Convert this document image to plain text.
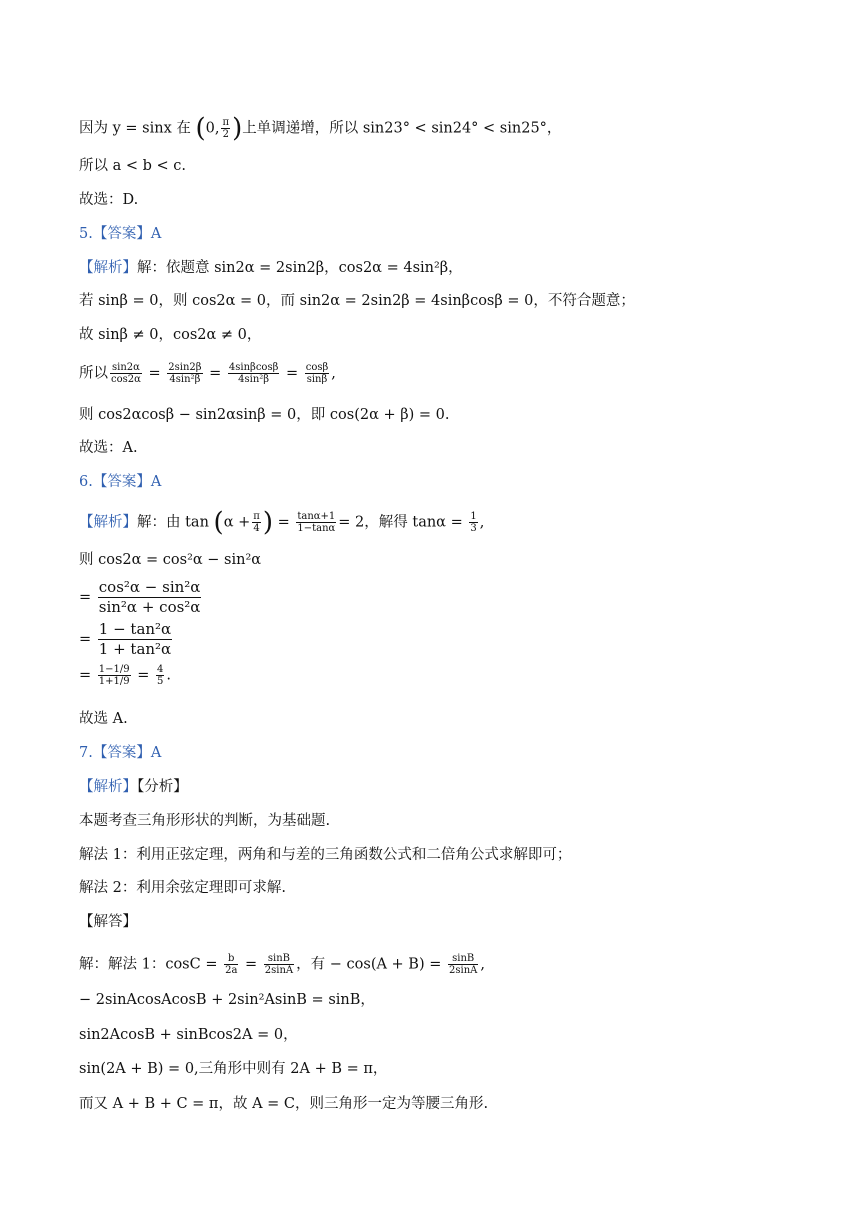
因为 y = sinx 在 (0, $\frac{\pi}{2}$ )上单调递增，所以 sin23° < sin24° < sin25°，
所以 a < b < c.
故选：D.
5.【答案】A
【解析】解：依题意 sin2α = 2sin2β，cos2α = 4sin²β，
若 sinβ = 0，则 cos2α = 0，而 sin2α = 2sin2β = 4sinβcosβ = 0，不符合题意；
故 sinβ ≠ 0，cos2α ≠ 0，
所以 $\frac{\sin 2\alpha}{\cos 2\alpha} = \frac{2\sin 2\beta}{\text{4sin²β}} = \frac{4\sin\beta\cos\beta}{\text{4sin²β}} = \frac{\cos\beta}{\sin\beta}$ ,
则 cos2αcosβ − sin2αsinβ = 0，即 cos(2α + β) = 0.
故选：A.
6.【答案】A
【解析】解：由 $\tan (\alpha + \frac{\pi}{4}$ ) = $\frac{\tan\alpha+1}{1-\tan\alpha} = 2$，解得 $\tan\alpha = \frac{1}{3}$ ,
则 cos2α = cos²α − sin²α
= $\frac{\text{cos²α − sin²α}}{\text{sin²α + cos²α}}$
= $\frac{\text{1 − tan²α}}{\text{1 + tan²α}}$
= $\frac{1-1/9}{1+1/9} = \frac{4}{5}$ .
故选 A.
7.【答案】A
【解析】【分析】
本题考查三角形形状的判断，为基础题.
解法 1：利用正弦定理，两角和与差的三角函数公式和二倍角公式求解即可；
解法 2：利用余弦定理即可求解.
【解答】
解：解法 1：$\cos C = \frac{b}{2a} = \frac{\sin B}{2\sin A}$ ，有 − $\cos(A + B) = \frac{\sin B}{2\sin A}$ ,
− 2sinAcosAcosB + 2sin²AsinB = sinB，
sin2AcosB + sinBcos2A = 0，
sin(2A + B) = 0,三角形中则有 2A + B = π，
而又 A + B + C = π，故 A = C，则三角形一定为等腰三角形.
